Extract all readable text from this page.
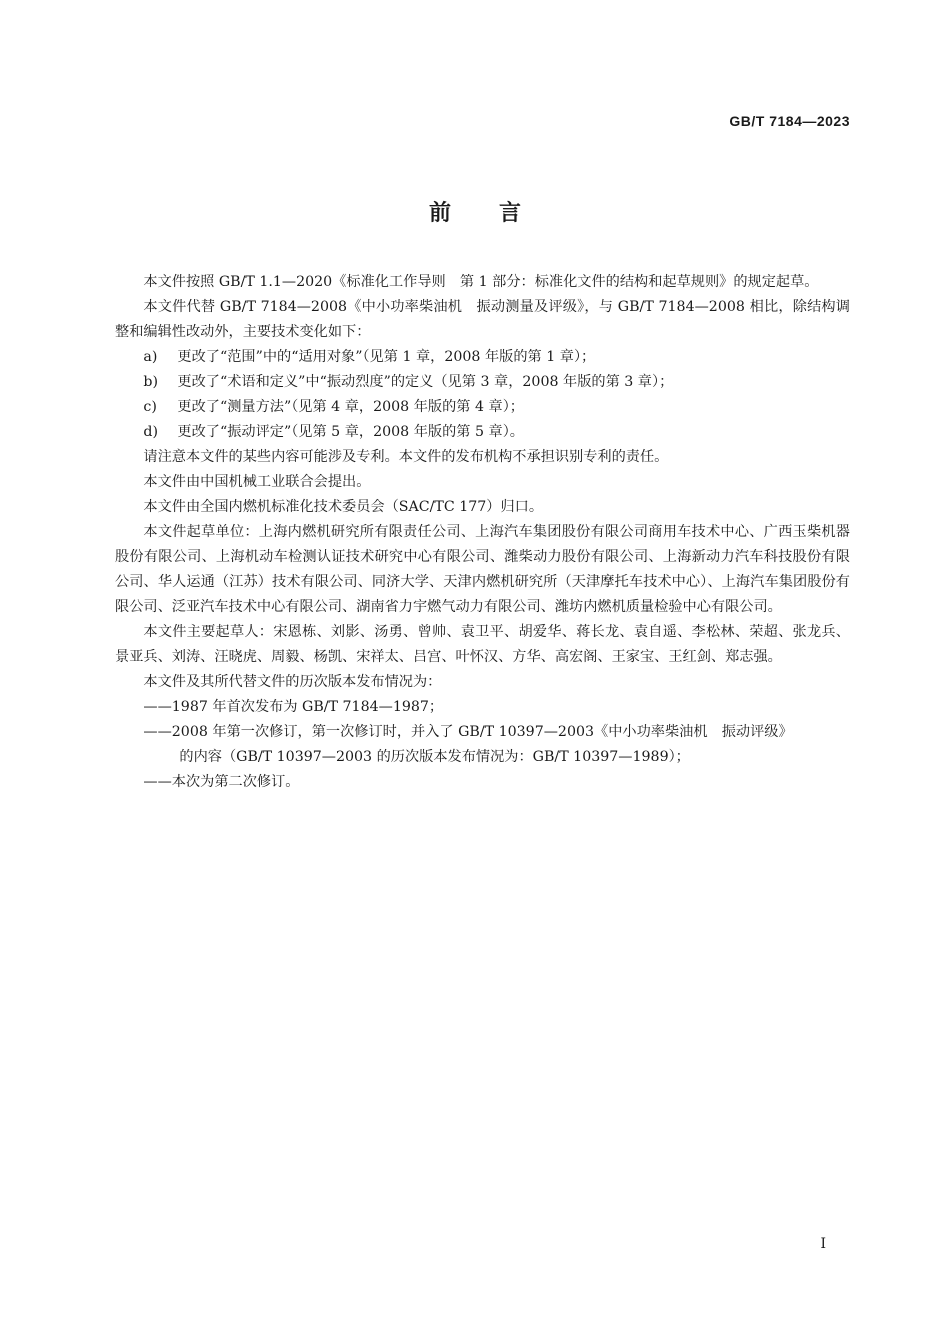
GB/T 7184—2023
前言

本文件按照 GB/T 1.1—2020《标准化工作导则　第 1 部分：标准化文件的结构和起草规则》的规定起草。

本文件代替 GB/T 7184—2008《中小功率柴油机　振动测量及评级》，与 GB/T 7184—2008 相比，除结构调整和编辑性改动外，主要技术变化如下：

a) 更改了“范围”中的“适用对象”（见第 1 章，2008 年版的第 1 章）；

b) 更改了“术语和定义”中“振动烈度”的定义（见第 3 章，2008 年版的第 3 章）；

c) 更改了“测量方法”（见第 4 章，2008 年版的第 4 章）；

d) 更改了“振动评定”（见第 5 章，2008 年版的第 5 章）。

请注意本文件的某些内容可能涉及专利。本文件的发布机构不承担识别专利的责任。

本文件由中国机械工业联合会提出。

本文件由全国内燃机标准化技术委员会（SAC/TC 177）归口。

本文件起草单位：上海内燃机研究所有限责任公司、上海汽车集团股份有限公司商用车技术中心、广西玉柴机器股份有限公司、上海机动车检测认证技术研究中心有限公司、潍柴动力股份有限公司、上海新动力汽车科技股份有限公司、华人运通（江苏）技术有限公司、同济大学、天津内燃机研究所（天津摩托车技术中心）、上海汽车集团股份有限公司、泛亚汽车技术中心有限公司、湖南省力宇燃气动力有限公司、潍坊内燃机质量检验中心有限公司。

本文件主要起草人：宋恩栋、刘影、汤勇、曾帅、袁卫平、胡爱华、蒋长龙、袁自遥、李松林、荣超、张龙兵、景亚兵、刘涛、汪晓虎、周毅、杨凯、宋祥太、吕宫、叶怀汉、方华、高宏阁、王家宝、王红剑、郑志强。

本文件及其所代替文件的历次版本发布情况为：

——1987 年首次发布为 GB/T 7184—1987；

——2008 年第一次修订，第一次修订时，并入了 GB/T 10397—2003《中小功率柴油机　振动评级》

的内容（GB/T 10397—2003 的历次版本发布情况为：GB/T 10397—1989）；

——本次为第二次修订。

I
